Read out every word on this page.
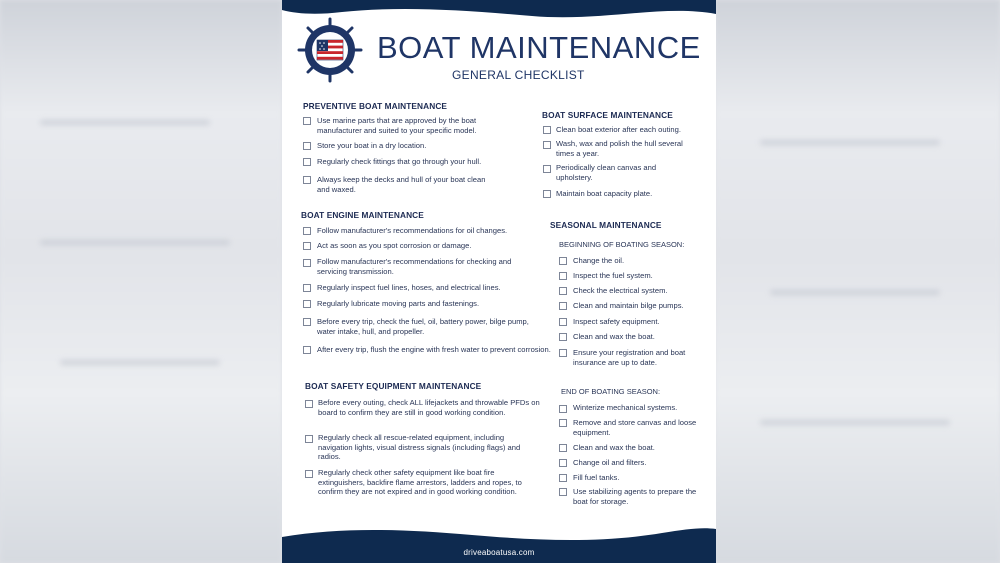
BOAT MAINTENANCE
GENERAL CHECKLIST
PREVENTIVE BOAT MAINTENANCE
Use marine parts that are approved by the boat manufacturer and suited to your specific model.
Store your boat in a dry location.
Regularly check fittings that go through your hull.
Always keep the decks and hull of your boat clean and waxed.
BOAT ENGINE MAINTENANCE
Follow manufacturer's recommendations for oil changes.
Act as soon as you spot corrosion or damage.
Follow manufacturer's recommendations for checking and servicing transmission.
Regularly inspect fuel lines, hoses, and electrical lines.
Regularly lubricate moving parts and fastenings.
Before every trip, check the fuel, oil, battery power, bilge pump, water intake, hull, and propeller.
After every trip, flush the engine with fresh water to prevent corrosion.
BOAT SAFETY EQUIPMENT MAINTENANCE
Before every outing, check ALL lifejackets and throwable PFDs on board to confirm they are still in good working condition.
Regularly check all rescue-related equipment, including navigation lights, visual distress signals (including flags) and radios.
Regularly check other safety equipment like boat fire extinguishers, backfire flame arrestors, ladders and ropes, to confirm they are not expired and in good working condition.
BOAT SURFACE MAINTENANCE
Clean boat exterior after each outing.
Wash, wax and polish the hull several times a year.
Periodically clean canvas and upholstery.
Maintain boat capacity plate.
SEASONAL MAINTENANCE
BEGINNING OF BOATING SEASON:
Change the oil.
Inspect the fuel system.
Check the electrical system.
Clean and maintain bilge pumps.
Inspect safety equipment.
Clean and wax the boat.
Ensure your registration and boat insurance are up to date.
END OF BOATING SEASON:
Winterize mechanical systems.
Remove and store canvas and loose equipment.
Clean and wax the boat.
Change oil and filters.
Fill fuel tanks.
Use stabilizing agents to prepare the boat for storage.
driveaboatusa.com
